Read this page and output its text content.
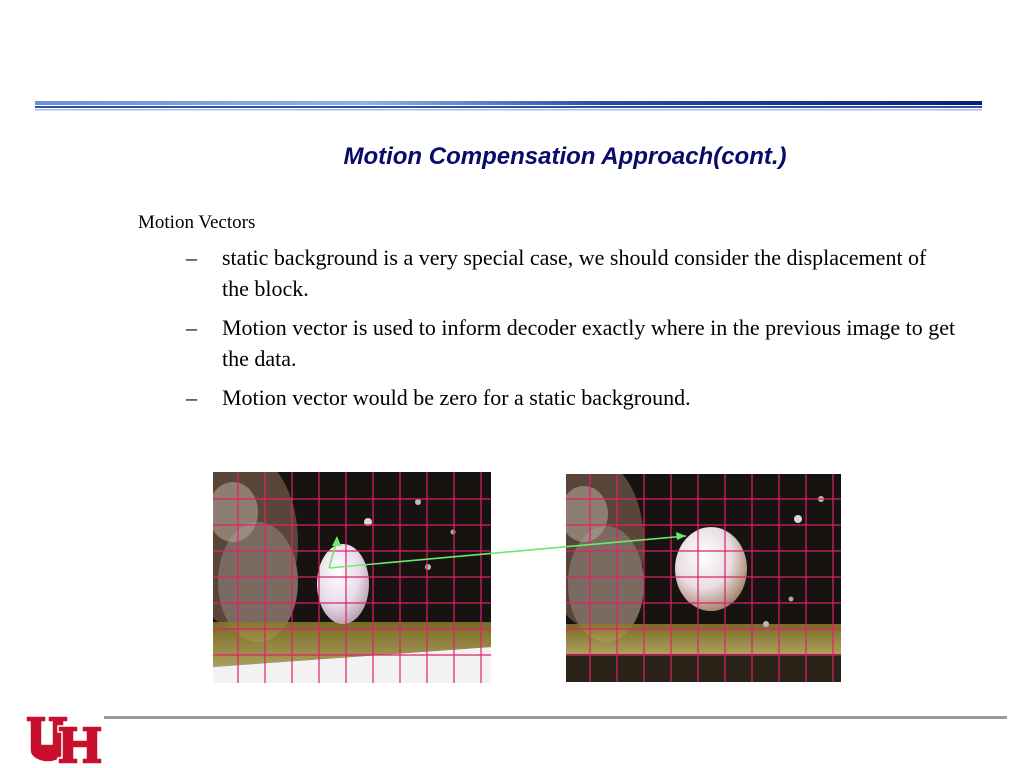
Motion Compensation Approach(cont.)
Motion Vectors
– static background is a very special case, we should consider the displacement of the block.
– Motion vector is used to inform decoder exactly where in the previous image to get the data.
– Motion vector would be zero for a static background.
